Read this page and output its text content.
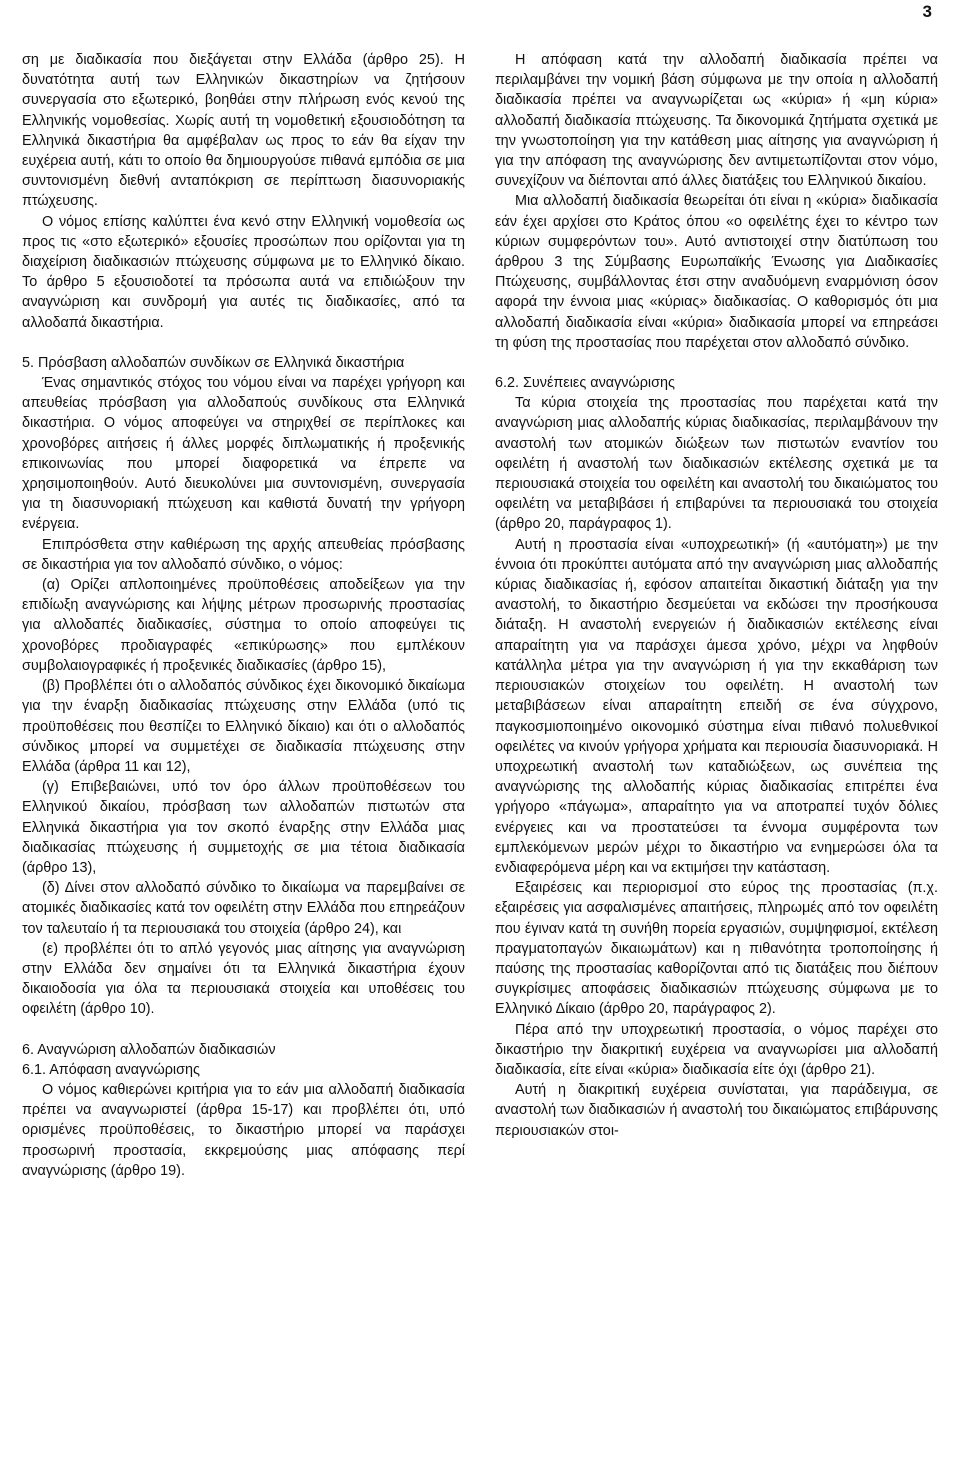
3

ση με διαδικασία που διεξάγεται στην Ελλάδα (άρθρο 25). Η δυνατότητα αυτή των Ελληνικών δικαστηρίων να ζητήσουν συνεργασία στο εξωτερικό, βοηθάει στην πλήρωση ενός κενού της Ελληνικής νομοθεσίας. Χωρίς αυτή τη νομοθετική εξουσιοδότηση τα Ελληνικά δικαστήρια θα αμφέβαλαν ως προς το εάν θα είχαν την ευχέρεια αυτή, κάτι το οποίο θα δημιουργούσε πιθανά εμπόδια σε μια συντονισμένη διεθνή ανταπόκριση σε περίπτωση διασυνοριακής πτώχευσης.

Ο νόμος επίσης καλύπτει ένα κενό στην Ελληνική νομοθεσία ως προς τις «στο εξωτερικό» εξουσίες προσώπων που ορίζονται για τη διαχείριση διαδικασιών πτώχευσης σύμφωνα με το Ελληνικό δίκαιο. Το άρθρο 5 εξουσιοδοτεί τα πρόσωπα αυτά να επιδιώξουν την αναγνώριση και συνδρομή για αυτές τις διαδικασίες, από τα αλλοδαπά δικαστήρια.

5. Πρόσβαση αλλοδαπών συνδίκων σε Ελληνικά δικαστήρια

Ένας σημαντικός στόχος του νόμου είναι να παρέχει γρήγορη και απευθείας πρόσβαση για αλλοδαπούς συνδίκους στα Ελληνικά δικαστήρια. Ο νόμος αποφεύγει να στηριχθεί σε περίπλοκες και χρονοβόρες αιτήσεις ή άλλες μορφές διπλωματικής ή προξενικής επικοινωνίας που μπορεί διαφορετικά να έπρεπε να χρησιμοποιηθούν. Αυτό διευκολύνει μια συντονισμένη, συνεργασία για τη διασυνοριακή πτώχευση και καθιστά δυνατή την γρήγορη ενέργεια.

Επιπρόσθετα στην καθιέρωση της αρχής απευθείας πρόσβασης σε δικαστήρια για τον αλλοδαπό σύνδικο, ο νόμος:

(α) Ορίζει απλοποιημένες προϋποθέσεις αποδείξεων για την επιδίωξη αναγνώρισης και λήψης μέτρων προσωρινής προστασίας για αλλοδαπές διαδικασίες, σύστημα το οποίο αποφεύγει τις χρονοβόρες προδιαγραφές «επικύρωσης» που εμπλέκουν συμβολαιογραφικές ή προξενικές διαδικασίες (άρθρο 15),

(β) Προβλέπει ότι ο αλλοδαπός σύνδικος έχει δικονομικό δικαίωμα για την έναρξη διαδικασίας πτώχευσης στην Ελλάδα (υπό τις προϋποθέσεις που θεσπίζει το Ελληνικό δίκαιο) και ότι ο αλλοδαπός σύνδικος μπορεί να συμμετέχει σε διαδικασία πτώχευσης στην Ελλάδα (άρθρα 11 και 12),

(γ) Επιβεβαιώνει, υπό τον όρο άλλων προϋποθέσεων του Ελληνικού δικαίου, πρόσβαση των αλλοδαπών πιστωτών στα Ελληνικά δικαστήρια για τον σκοπό έναρξης στην Ελλάδα μιας διαδικασίας πτώχευσης ή συμμετοχής σε μια τέτοια διαδικασία (άρθρο 13),

(δ) Δίνει στον αλλοδαπό σύνδικο το δικαίωμα να παρεμβαίνει σε ατομικές διαδικασίες κατά τον οφειλέτη στην Ελλάδα που επηρεάζουν τον ταλευταίο ή τα περιουσιακά του στοιχεία (άρθρο 24), και

(ε) προβλέπει ότι το απλό γεγονός μιας αίτησης για αναγνώριση στην Ελλάδα δεν σημαίνει ότι τα Ελληνικά δικαστήρια έχουν δικαιοδοσία για όλα τα περιουσιακά στοιχεία και υποθέσεις του οφειλέτη (άρθρο 10).

6. Αναγνώριση αλλοδαπών διαδικασιών

6.1. Απόφαση αναγνώρισης

Ο νόμος καθιερώνει κριτήρια για το εάν μια αλλοδαπή διαδικασία πρέπει να αναγνωριστεί (άρθρα 15-17) και προβλέπει ότι, υπό ορισμένες προϋποθέσεις, το δικαστήριο μπορεί να παράσχει προσωρινή προστασία, εκκρεμούσης μιας απόφασης περί αναγνώρισης (άρθρο 19).

Η απόφαση κατά την αλλοδαπή διαδικασία πρέπει να περιλαμβάνει την νομική βάση σύμφωνα με την οποία η αλλοδαπή διαδικασία πρέπει να αναγνωρίζεται ως «κύρια» ή «μη κύρια» αλλοδαπή διαδικασία πτώχευσης. Τα δικονομικά ζητήματα σχετικά με την γνωστοποίηση για την κατάθεση μιας αίτησης για αναγνώριση ή για την απόφαση της αναγνώρισης δεν αντιμετωπίζονται στον νόμο, συνεχίζουν να διέπονται από άλλες διατάξεις του Ελληνικού δικαίου.

Μια αλλοδαπή διαδικασία θεωρείται ότι είναι η «κύρια» διαδικασία εάν έχει αρχίσει στο Κράτος όπου «ο οφειλέτης έχει το κέντρο των κύριων συμφερόντων του». Αυτό αντιστοιχεί στην διατύπωση του άρθρου 3 της Σύμβασης Ευρωπαϊκής Ένωσης για Διαδικασίες Πτώχευσης, συμβάλλοντας έτσι στην αναδυόμενη εναρμόνιση όσον αφορά την έννοια μιας «κύριας» διαδικασίας. Ο καθορισμός ότι μια αλλοδαπή διαδικασία είναι «κύρια» διαδικασία μπορεί να επηρεάσει τη φύση της προστασίας που παρέχεται στον αλλοδαπό σύνδικο.

6.2. Συνέπειες αναγνώρισης

Τα κύρια στοιχεία της προστασίας που παρέχεται κατά την αναγνώριση μιας αλλοδαπής κύριας διαδικασίας, περιλαμβάνουν την αναστολή των ατομικών διώξεων των πιστωτών εναντίον του οφειλέτη ή αναστολή των διαδικασιών εκτέλεσης σχετικά με τα περιουσιακά στοιχεία του οφειλέτη και αναστολή του δικαιώματος του οφειλέτη να μεταβιβάσει ή επιβαρύνει τα περιουσιακά του στοιχεία (άρθρο 20, παράγραφος 1).

Αυτή η προστασία είναι «υποχρεωτική» (ή «αυτόματη») με την έννοια ότι προκύπτει αυτόματα από την αναγνώριση μιας αλλοδαπής κύριας διαδικασίας ή, εφόσον απαιτείται δικαστική διάταξη για την αναστολή, το δικαστήριο δεσμεύεται να εκδώσει την προσήκουσα διάταξη. Η αναστολή ενεργειών ή διαδικασιών εκτέλεσης είναι απαραίτητη για να παράσχει άμεσα χρόνο, μέχρι να ληφθούν κατάλληλα μέτρα για την αναγνώριση ή για την εκκαθάριση των περιουσιακών στοιχείων του οφειλέτη. Η αναστολή των μεταβιβάσεων είναι απαραίτητη επειδή σε ένα σύγχρονο, παγκοσμιοποιημένο οικονομικό σύστημα είναι πιθανό πολυεθνικοί οφειλέτες να κινούν γρήγορα χρήματα και περιουσία διασυνοριακά. Η υποχρεωτική αναστολή των καταδιώξεων, ως συνέπεια της αναγνώρισης της αλλοδαπής κύριας διαδικασίας επιτρέπει ένα γρήγορο «πάγωμα», απαραίτητο για να αποτραπεί τυχόν δόλιες ενέργειες και να προστατεύσει τα έννομα συμφέροντα των εμπλεκόμενων μερών μέχρι το δικαστήριο να ενημερώσει όλα τα ενδιαφερόμενα μέρη και να εκτιμήσει την κατάσταση.

Εξαιρέσεις και περιορισμοί στο εύρος της προστασίας (π.χ. εξαιρέσεις για ασφαλισμένες απαιτήσεις, πληρωμές από τον οφειλέτη που έγιναν κατά τη συνήθη πορεία εργασιών, συμψηφισμοί, εκτέλεση πραγματοπαγών δικαιωμάτων) και η πιθανότητα τροποποίησης ή παύσης της προστασίας καθορίζονται από τις διατάξεις που διέπουν συγκρίσιμες αποφάσεις διαδικασιών πτώχευσης σύμφωνα με το Ελληνικό Δίκαιο (άρθρο 20, παράγραφος 2).

Πέρα από την υποχρεωτική προστασία, ο νόμος παρέχει στο δικαστήριο την διακριτική ευχέρεια να αναγνωρίσει μια αλλοδαπή διαδικασία, είτε είναι «κύρια» διαδικασία είτε όχι (άρθρο 21).

Αυτή η διακριτική ευχέρεια συνίσταται, για παράδειγμα, σε αναστολή των διαδικασιών ή αναστολή του δικαιώματος επιβάρυνσης περιουσιακών στοι-
